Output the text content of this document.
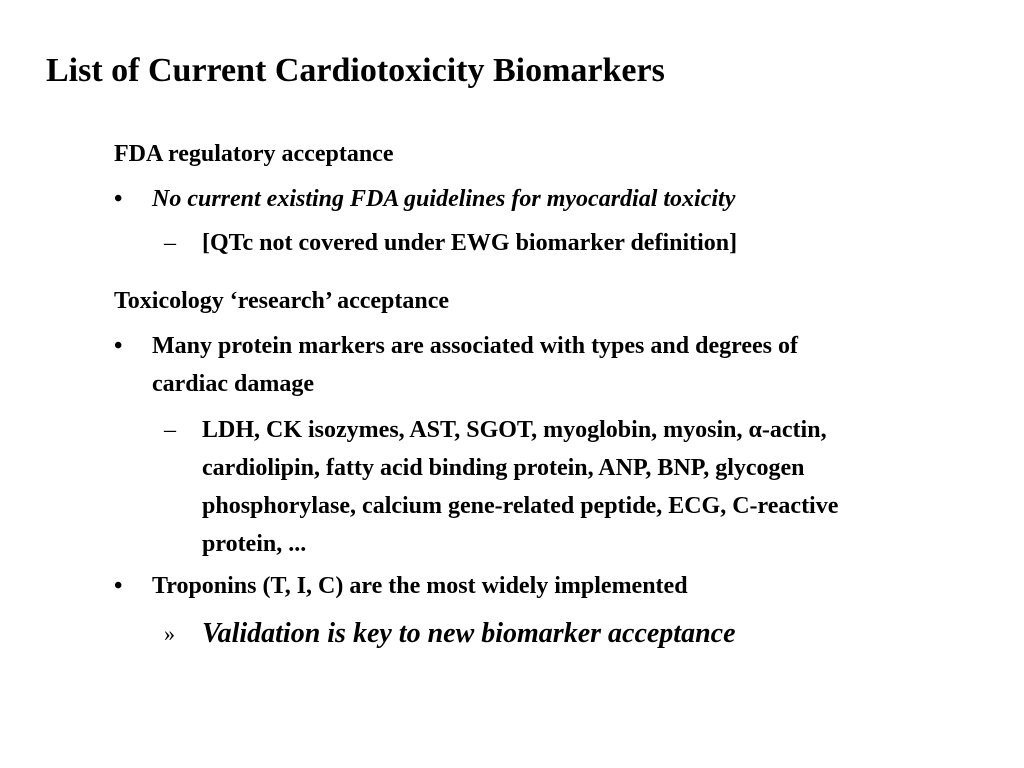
List of Current Cardiotoxicity Biomarkers
FDA regulatory acceptance
• No current existing FDA guidelines for myocardial toxicity
– [QTc not covered under EWG biomarker definition]
Toxicology ‘research’ acceptance
• Many protein markers are associated with types and degrees of cardiac damage
– LDH, CK isozymes, AST, SGOT, myoglobin, myosin, α-actin, cardiolipin, fatty acid binding protein, ANP, BNP, glycogen phosphorylase, calcium gene-related peptide, ECG, C-reactive protein, ...
• Troponins (T, I, C) are the most widely implemented
» Validation is key to new biomarker acceptance
